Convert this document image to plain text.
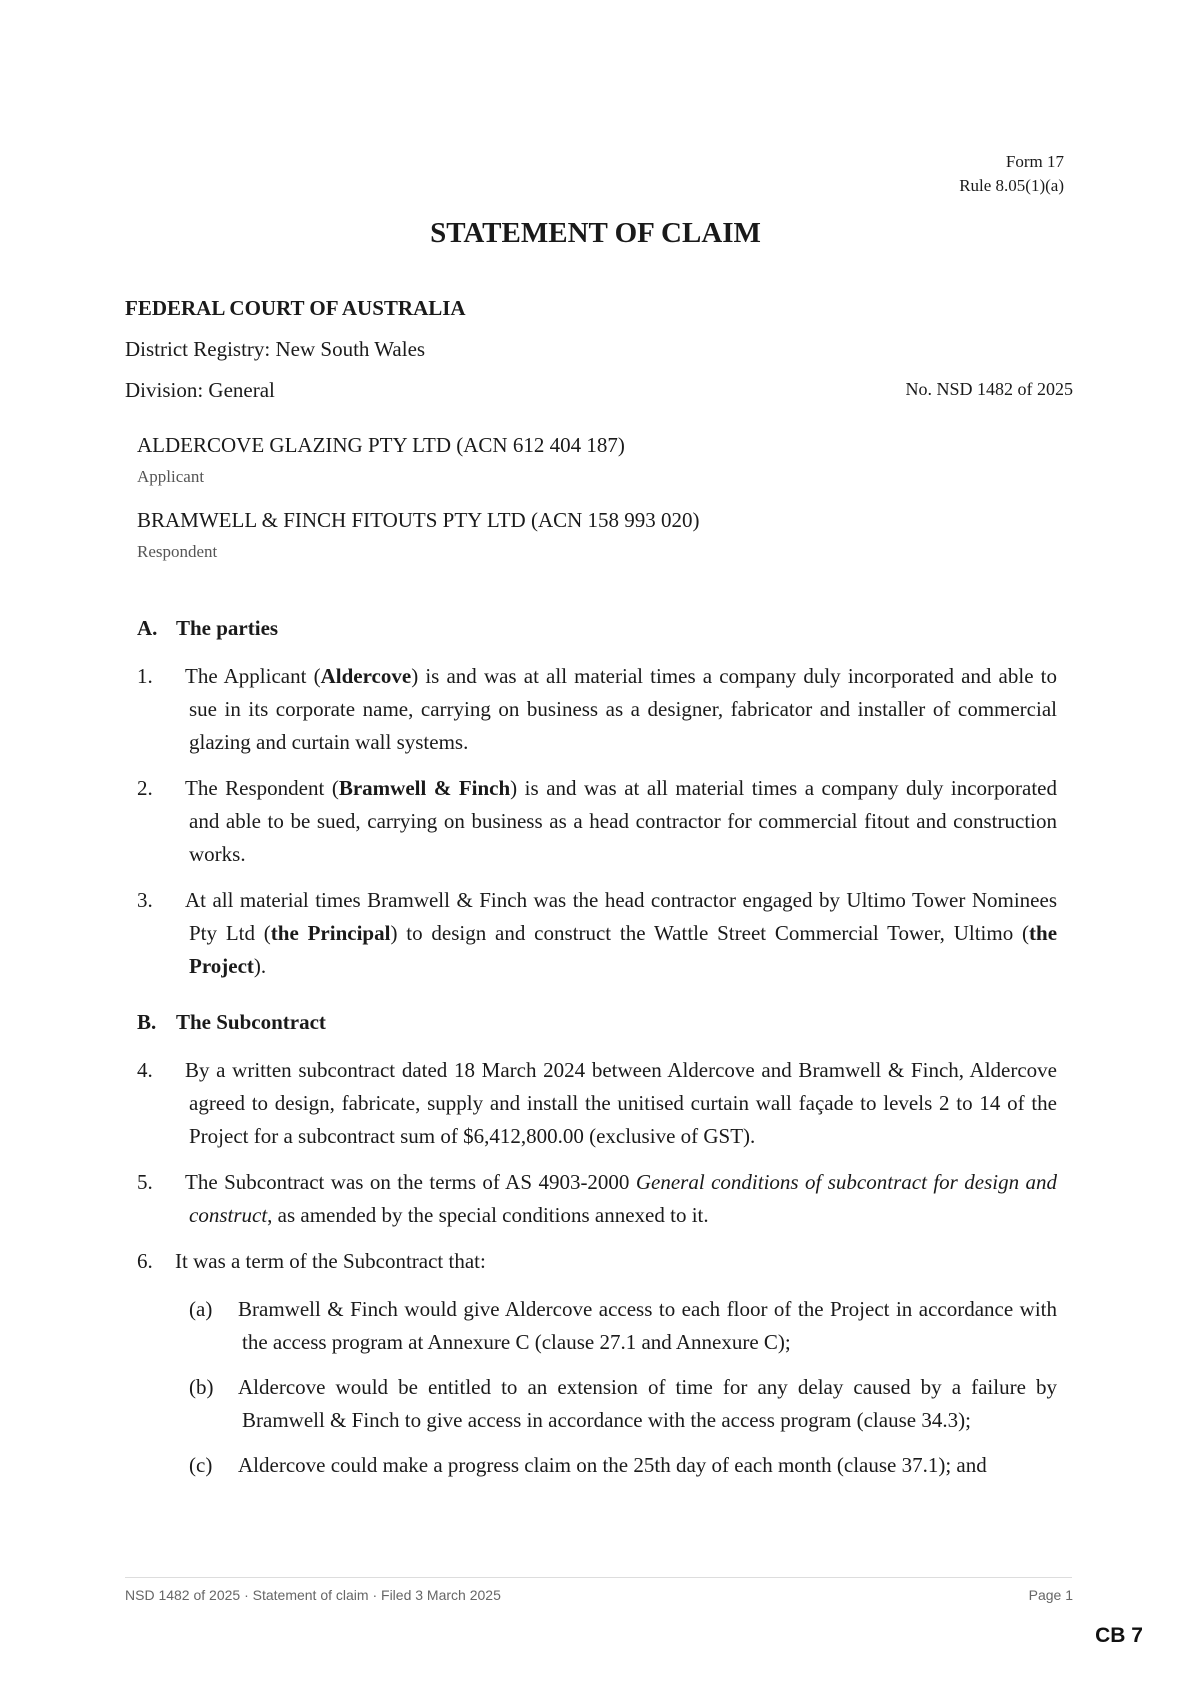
Form 17
Rule 8.05(1)(a)
STATEMENT OF CLAIM
FEDERAL COURT OF AUSTRALIA
District Registry: New South Wales
Division: General	No. NSD 1482 of 2025
ALDERCOVE GLAZING PTY LTD (ACN 612 404 187)
Applicant
BRAMWELL & FINCH FITOUTS PTY LTD (ACN 158 993 020)
Respondent
A. The parties
1.	The Applicant (Aldercove) is and was at all material times a company duly incorporated and able to sue in its corporate name, carrying on business as a designer, fabricator and installer of commercial glazing and curtain wall systems.
2.	The Respondent (Bramwell & Finch) is and was at all material times a company duly incorporated and able to be sued, carrying on business as a head contractor for commercial fitout and construction works.
3.	At all material times Bramwell & Finch was the head contractor engaged by Ultimo Tower Nominees Pty Ltd (the Principal) to design and construct the Wattle Street Commercial Tower, Ultimo (the Project).
B. The Subcontract
4.	By a written subcontract dated 18 March 2024 between Aldercove and Bramwell & Finch, Aldercove agreed to design, fabricate, supply and install the unitised curtain wall façade to levels 2 to 14 of the Project for a subcontract sum of $6,412,800.00 (exclusive of GST).
5.	The Subcontract was on the terms of AS 4903-2000 General conditions of subcontract for design and construct, as amended by the special conditions annexed to it.
6. It was a term of the Subcontract that:
(a)	Bramwell & Finch would give Aldercove access to each floor of the Project in accordance with the access program at Annexure C (clause 27.1 and Annexure C);
(b)	Aldercove would be entitled to an extension of time for any delay caused by a failure by Bramwell & Finch to give access in accordance with the access program (clause 34.3);
(c)	Aldercove could make a progress claim on the 25th day of each month (clause 37.1); and
NSD 1482 of 2025 · Statement of claim · Filed 3 March 2025	Page 1
CB 7
